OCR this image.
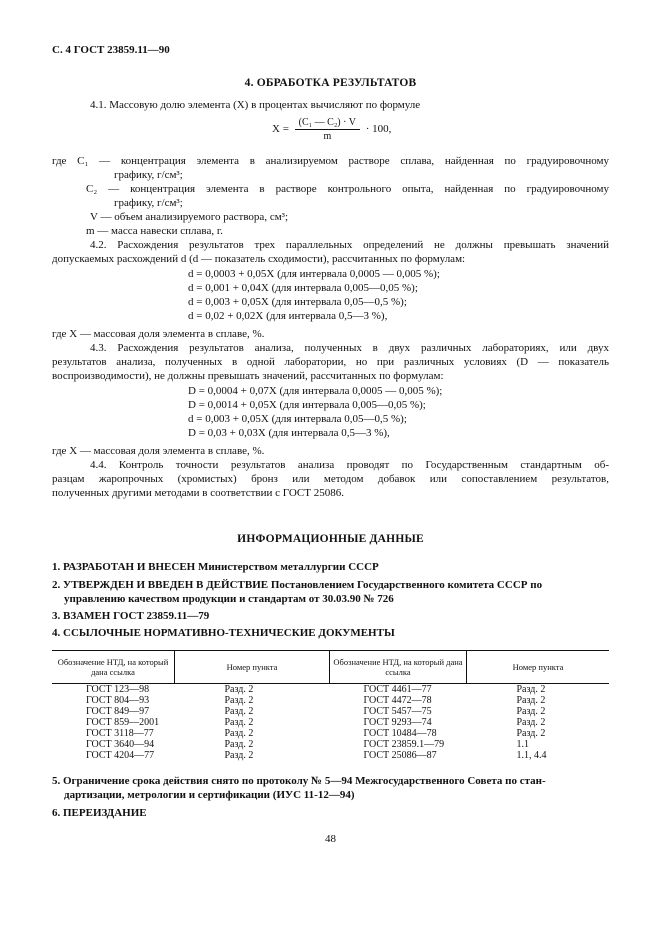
С. 4 ГОСТ 23859.11—90
4. ОБРАБОТКА РЕЗУЛЬТАТОВ
4.1. Массовую долю элемента (X) в процентах вычисляют по формуле
$X = \frac{\text{(C₁ — C₂) · V}}{m} \cdot 100$,
где C₁ — концентрация элемента в анализируемом растворе сплава, найденная по градуировочному
графику, г/см³;
C₂ — концентрация элемента в растворе контрольного опыта, найденная по градуировочному
графику, г/см³;
V — объем анализируемого раствора, см³;
m — масса навески сплава, г.
4.2. Расхождения результатов трех параллельных определений не должны превышать значений
допускаемых расхождений d (d — показатель сходимости), рассчитанных по формулам:
d = 0,0003 + 0,05X (для интервала 0,0005 — 0,005 %);
d = 0,001 + 0,04X (для интервала 0,005—0,05 %);
d = 0,003 + 0,05X (для интервала 0,05—0,5 %);
d = 0,02 + 0,02X (для интервала 0,5—3 %),
где X — массовая доля элемента в сплаве, %.
4.3. Расхождения результатов анализа, полученных в двух различных лабораториях, или двух
результатов анализа, полученных в одной лаборатории, но при различных условиях (D — показатель
воспроизводимости), не должны превышать значений, рассчитанных по формулам:
D = 0,0004 + 0,07X (для интервала 0,0005 — 0,005 %);
D = 0,0014 + 0,05X (для интервала 0,005—0,05 %);
d = 0,003 + 0,05X (для интервала 0,05—0,5 %);
D = 0,03 + 0,03X (для интервала 0,5—3 %),
где X — массовая доля элемента в сплаве, %.
4.4. Контроль точности результатов анализа проводят по Государственным стандартным об-
разцам жаропрочных (хромистых) бронз или методом добавок или сопоставлением результатов,
полученных другими методами в соответствии с ГОСТ 25086.
ИНФОРМАЦИОННЫЕ ДАННЫЕ
1. РАЗРАБОТАН И ВНЕСЕН Министерством металлургии СССР
2. УТВЕРЖДЕН И ВВЕДЕН В ДЕЙСТВИЕ Постановлением Государственного комитета СССР по
управлению качеством продукции и стандартам от 30.03.90 № 726
3. ВЗАМЕН ГОСТ 23859.11—79
4. ССЫЛОЧНЫЕ НОРМАТИВНО-ТЕХНИЧЕСКИЕ ДОКУМЕНТЫ
Обозначение НТД, на который дана ссылка	Номер пункта	Обозначение НТД, на который дана ссылка	Номер пункта
ГОСТ 123—98	Разд. 2	ГОСТ 4461—77	Разд. 2
ГОСТ 804—93	Разд. 2	ГОСТ 4472—78	Разд. 2
ГОСТ 849—97	Разд. 2	ГОСТ 5457—75	Разд. 2
ГОСТ 859—2001	Разд. 2	ГОСТ 9293—74	Разд. 2
ГОСТ 3118—77	Разд. 2	ГОСТ 10484—78	Разд. 2
ГОСТ 3640—94	Разд. 2	ГОСТ 23859.1—79	1.1
ГОСТ 4204—77	Разд. 2	ГОСТ 25086—87	1.1, 4.4
5. Ограничение срока действия снято по протоколу № 5—94 Межгосударственного Совета по стан-
дартизации, метрологии и сертификации (ИУС 11-12—94)
6. ПЕРЕИЗДАНИЕ
48
